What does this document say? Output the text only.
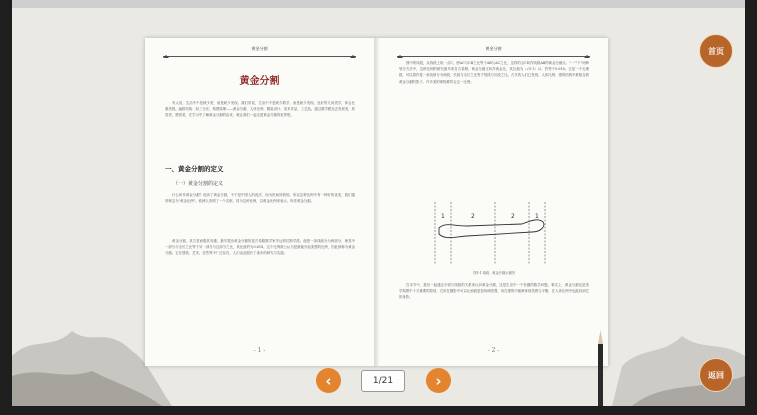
黄金分割
黄金分割
有人说，生活中不是缺少美，而是缺少发现。我们常说，生活中不是缺少数学，而是缺少发现。良好的几何美学，体会比重美感。编排结构：如三分法、构图原理——黄金分割，人体比例、服装设计、美术作品、工艺品。通过数学眼光去发现美，欣赏美，感悟美，在学习中了解黄金分割的由来，就让我们一起走进黄金分割的世界吧。
一、黄金分割的定义
（一）黄金分割的定义
什么叫作黄金分割？说到了黄金分割，不不是中国人的说法，而为民间所熟知。所以这种比例中有一种好的优美，我们通常称这为"黄金比例"。欧洲人发明了一个名称，同为这种比例，以黄金比例来表示，叫作黄金分割。
黄金分割，其古老而极其有趣，最早提出黄金分割的是古希腊数学家毕达哥拉斯学派。他把一条线段分为两部分，使其中一部分与全长之比等于另一部分与这部分之比，其比值约为0.618。这个比例被公认为是最能引起美感的比例，因此被称为黄金分割。它在建筑、艺术、自然界中广泛存在，人们由此展开了诸多的研究与实践。
- 1 -
黄金分割
图中的线段，从线段上取一点C，使AC与CB之比等于AB与AC之比，这样的点C叫作线段AB的黄金分割点。"一""下"两种划分方法中，这种比例的研究最早来自古希腊，黄金分割又叫作黄金比，其比值为（√5-1）/2，约等于0.618。它是一个无理数，可以看作是一条线被分为两段，长段与全长之比等于短段与长段之比。古代的人们已发现，人体比例、建筑结构中都隐含着黄金分割的影子，许多美的事物都符合这一比例。
1	2	2	1
图1-1 线段、黄金分割示意图
在本节中，我们一起通过平面与线段的关系来认识黄金分割，这是生活中一个有趣的数学问题。事实上，黄金分割也是美学构图中十分重要的原则，它用在摄影中可以让画面更加协调美观，用在建筑中能够体现美感与平衡，在人体比例中也能找到它的身影。
- 2 -
首页
返回
‹	1/21	›
